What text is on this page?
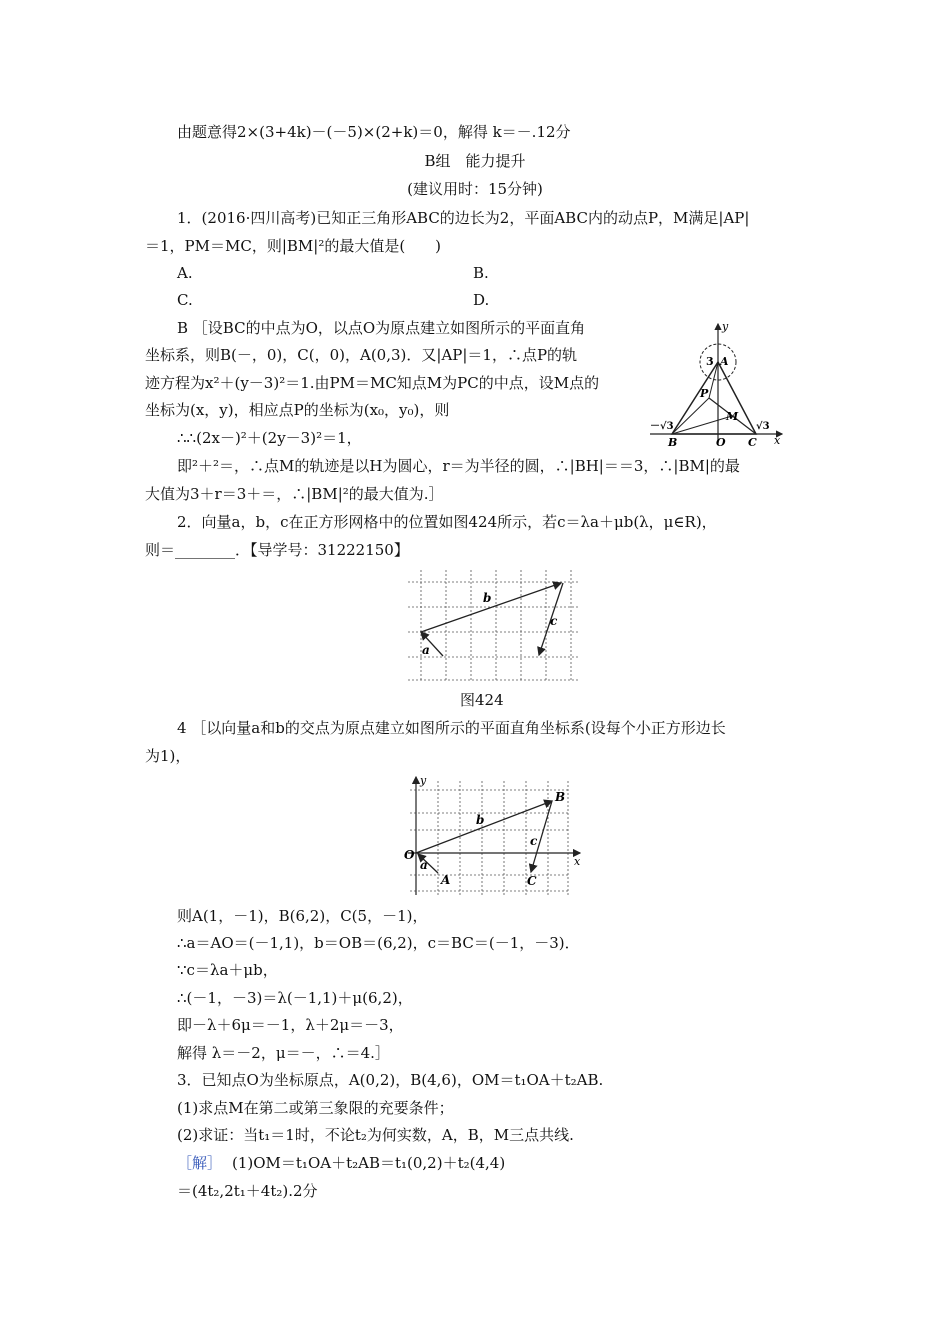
由题意得2×(3+4k)－(－5)×(2+k)＝0，解得 k＝－.12分
B组　能力提升
(建议用时：15分钟)
1．(2016·四川高考)已知正三角形ABC的边长为2，平面ABC内的动点P，M满足|AP|
＝1，PM＝MC，则|BM|²的最大值是(　　)
A.	B.
C.	D.
B ［设BC的中点为O，以点O为原点建立如图所示的平面直角
坐标系，则B(－，0)，C(，0)，A(0,3)．又|AP|＝1，∴点P的轨
迹方程为x²＋(y－3)²＝1.由PM＝MC知点M为PC的中点，设M点的
坐标为(x，y)，相应点P的坐标为(x₀，y₀)，则
∴∴(2x－)²＋(2y－3)²＝1，
即²＋²＝，∴点M的轨迹是以H为圆心，r＝为半径的圆，∴|BH|＝＝3，∴|BM|的最
大值为3＋r＝3＋＝，∴|BM|²的最大值为.］
2．向量a，b，c在正方形网格中的位置如图424所示，若c＝λa＋μb(λ，μ∈R)，
则＝________．【导学号：31222150】
图424
4 ［以向量a和b的交点为原点建立如图所示的平面直角坐标系(设每个小正方形边长
为1)，
则A(1，－1)，B(6,2)，C(5，－1)，
∴a＝AO＝(－1,1)，b＝OB＝(6,2)，c＝BC＝(－1，－3)．
∵c＝λa＋μb，
∴(－1，－3)＝λ(－1,1)＋μ(6,2)，
即－λ＋6μ＝－1，λ＋2μ＝－3，
解得 λ＝－2，μ＝－，∴＝4.］
3．已知点O为坐标原点，A(0,2)，B(4,6)，OM＝t₁OA＋t₂AB.
(1)求点M在第二或第三象限的充要条件；
(2)求证：当t₁＝1时，不论t₂为何实数，A，B，M三点共线.
［解］ (1)OM＝t₁OA＋t₂AB＝t₁(0,2)＋t₂(4,4)
＝(4t₂,2t₁＋4t₂).2分
y
x
3 A
P
M
－√3	√3
B	O C
a
b
c
y
x
O
a
A
b
B
c
C
